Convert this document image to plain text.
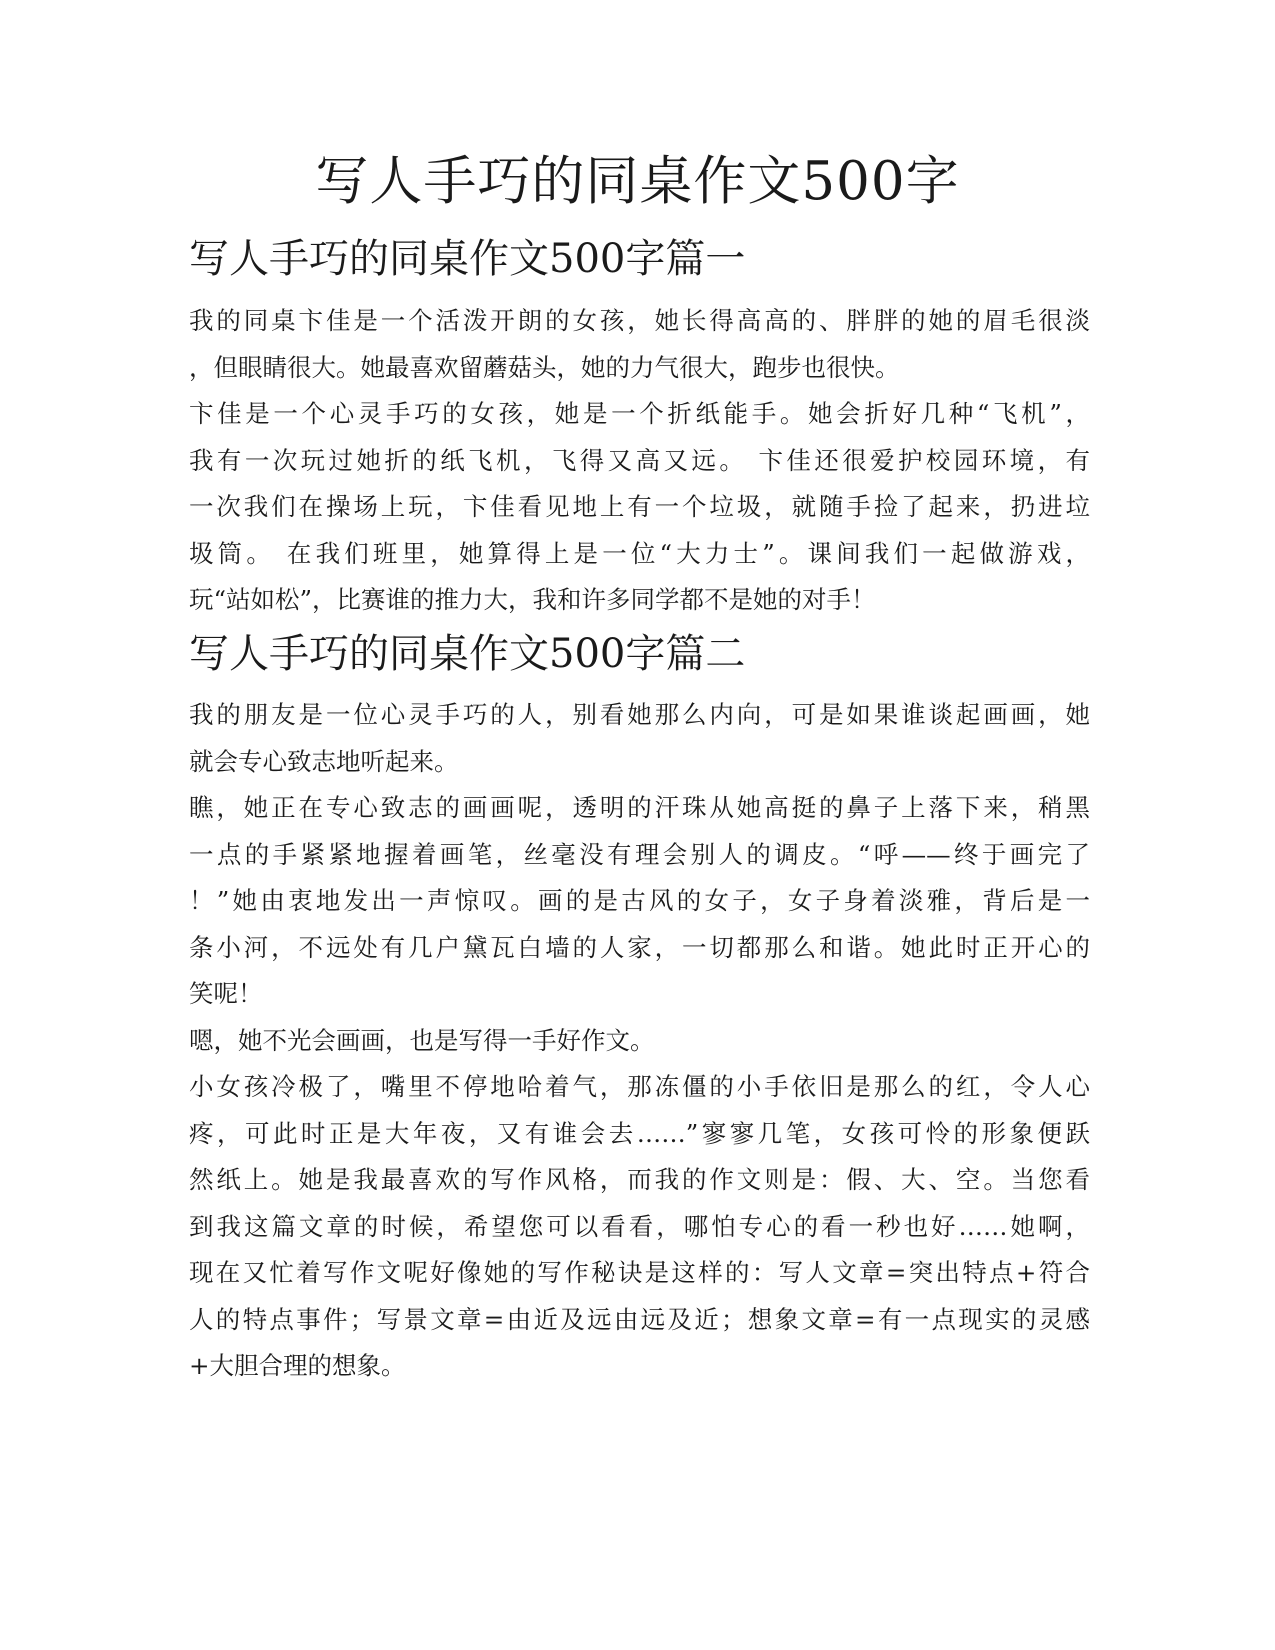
写人手巧的同桌作文500字
写人手巧的同桌作文500字篇一

我的同桌卞佳是一个活泼开朗的女孩，她长得高高的、胖胖的她的眉毛很淡

，但眼睛很大。她最喜欢留蘑菇头，她的力气很大，跑步也很快。

卞佳是一个心灵手巧的女孩，她是一个折纸能手。她会折好几种“飞机”，

我有一次玩过她折的纸飞机，飞得又高又远。 卞佳还很爱护校园环境，有

一次我们在操场上玩，卞佳看见地上有一个垃圾，就随手捡了起来，扔进垃

圾筒。 在我们班里，她算得上是一位“大力士”。课间我们一起做游戏，

玩“站如松”，比赛谁的推力大，我和许多同学都不是她的对手！

写人手巧的同桌作文500字篇二

我的朋友是一位心灵手巧的人，别看她那么内向，可是如果谁谈起画画，她

就会专心致志地听起来。

瞧，她正在专心致志的画画呢，透明的汗珠从她高挺的鼻子上落下来，稍黑

一点的手紧紧地握着画笔，丝毫没有理会别人的调皮。“呼——终于画完了

！”她由衷地发出一声惊叹。画的是古风的女子，女子身着淡雅，背后是一

条小河，不远处有几户黛瓦白墙的人家，一切都那么和谐。她此时正开心的

笑呢！

嗯，她不光会画画，也是写得一手好作文。

小女孩冷极了，嘴里不停地哈着气，那冻僵的小手依旧是那么的红，令人心

疼，可此时正是大年夜，又有谁会去……”寥寥几笔，女孩可怜的形象便跃

然纸上。她是我最喜欢的写作风格，而我的作文则是：假、大、空。当您看

到我这篇文章的时候，希望您可以看看，哪怕专心的看一秒也好……她啊，

现在又忙着写作文呢好像她的写作秘诀是这样的：写人文章=突出特点+符合

人的特点事件；写景文章=由近及远由远及近；想象文章=有一点现实的灵感

+大胆合理的想象。
